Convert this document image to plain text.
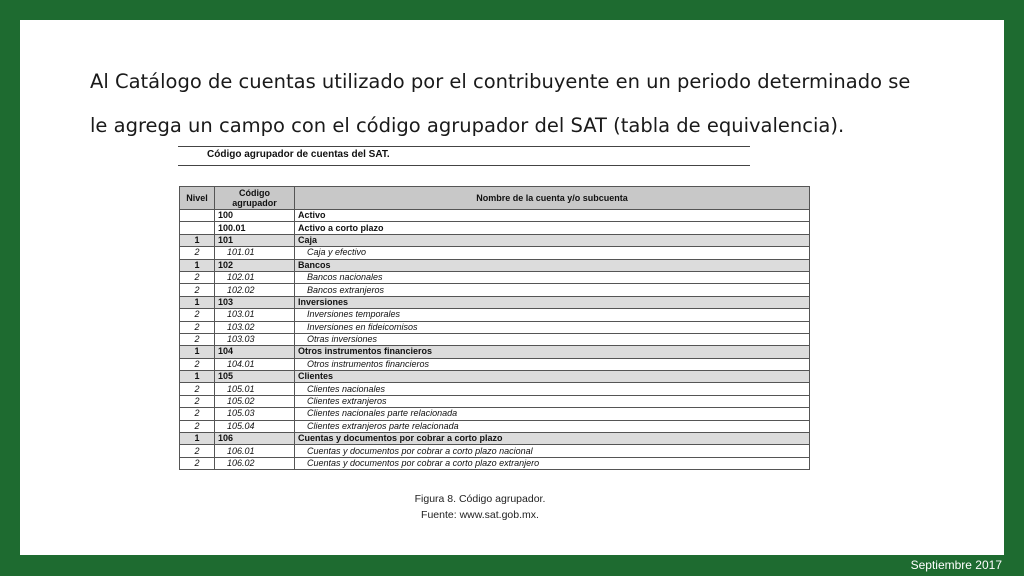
Al Catálogo de cuentas utilizado por el contribuyente en un periodo determinado se
le agrega un campo con el código agrupador del SAT (tabla de equivalencia).

Código agrupador de cuentas del SAT.
Nivel	Código agrupador	Nombre de la cuenta y/o subcuenta
	100	Activo
	100.01	Activo a corto plazo
1	101	Caja
2	101.01	Caja y efectivo
1	102	Bancos
2	102.01	Bancos nacionales
2	102.02	Bancos extranjeros
1	103	Inversiones
2	103.01	Inversiones temporales
2	103.02	Inversiones en fideicomisos
2	103.03	Otras inversiones
1	104	Otros instrumentos financieros
2	104.01	Otros instrumentos financieros
1	105	Clientes
2	105.01	Clientes nacionales
2	105.02	Clientes extranjeros
2	105.03	Clientes nacionales parte relacionada
2	105.04	Clientes extranjeros parte relacionada
1	106	Cuentas y documentos por cobrar a corto plazo
2	106.01	Cuentas y documentos por cobrar a corto plazo nacional
2	106.02	Cuentas y documentos por cobrar a corto plazo extranjero
Figura 8. Código agrupador.
Fuente: www.sat.gob.mx.
Septiembre 2017
